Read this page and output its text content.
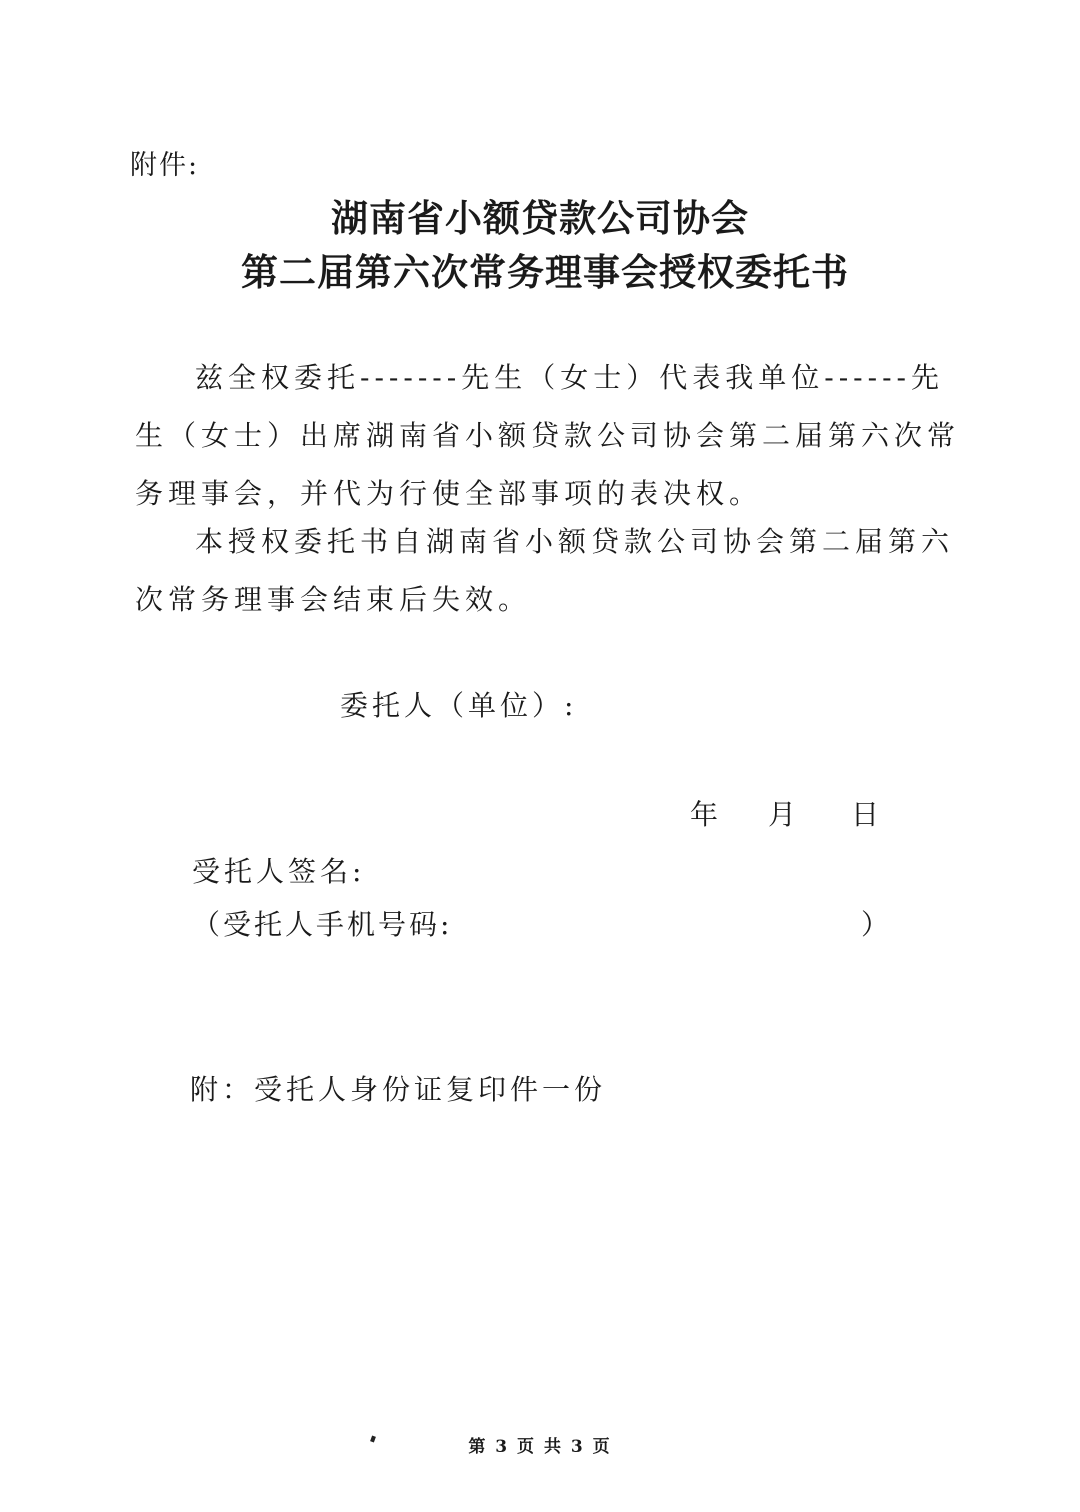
附件:
湖南省小额贷款公司协会
第二届第六次常务理事会授权委托书
兹全权委托-------先生（女士）代表我单位------先生（女士）出席湖南省小额贷款公司协会第二届第六次常务理事会，并代为行使全部事项的表决权。
本授权委托书自湖南省小额贷款公司协会第二届第六次常务理事会结束后失效。
委托人（单位）:
年 月 日
受托人签名:
（受托人手机号码:	）
附：受托人身份证复印件一份
第 3 页 共 3 页
